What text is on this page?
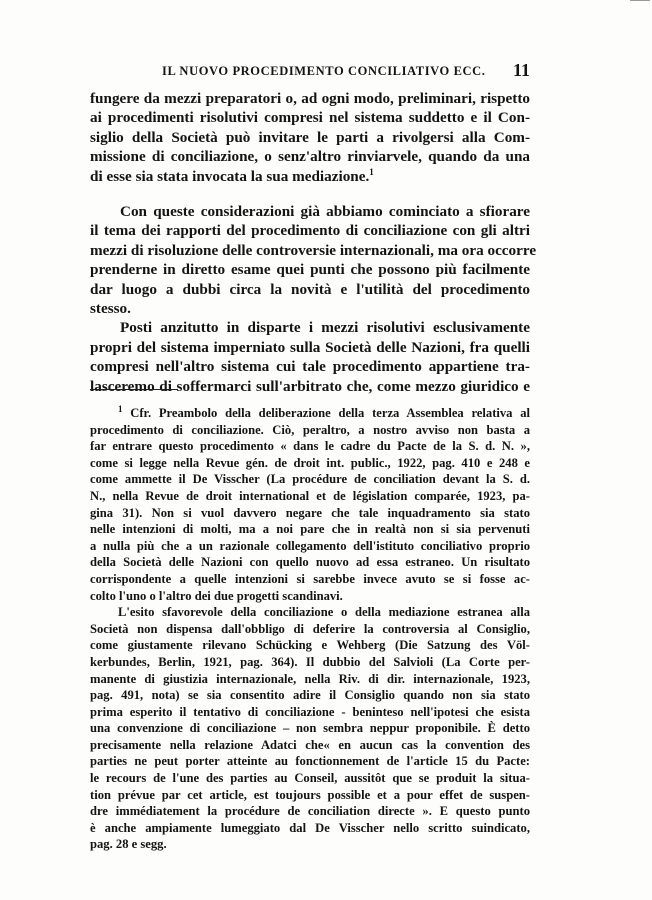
IL NUOVO PROCEDIMENTO CONCILIATIVO ECC. 11

fungere da mezzi preparatori o, ad ogni modo, preliminari, rispetto
ai procedimenti risolutivi compresi nel sistema suddetto e il Con-
siglio della Società può invitare le parti a rivolgersi alla Com-
missione di conciliazione, o senz'altro rinviarvele, quando da una
di esse sia stata invocata la sua mediazione.$^1$

Con queste considerazioni già abbiamo cominciato a sfiorare
il tema dei rapporti del procedimento di conciliazione con gli altri
mezzi di risoluzione delle controversie internazionali, ma ora occorre
prenderne in diretto esame quei punti che possono più facilmente
dar luogo a dubbi circa la novità e l'utilità del procedimento
stesso.

Posti anzitutto in disparte i mezzi risolutivi esclusivamente
propri del sistema imperniato sulla Società delle Nazioni, fra quelli
compresi nell'altro sistema cui tale procedimento appartiene tra-
lasceremo di soffermarci sull'arbitrato che, come mezzo giuridico e

$^1$ Cfr. Preambolo della deliberazione della terza Assemblea relativa al
procedimento di conciliazione. Ciò, peraltro, a nostro avviso non basta a
far entrare questo procedimento « dans le cadre du Pacte de la S. d. N. »,
come si legge nella Revue gén. de droit int. public., 1922, pag. 410 e 248 e
come ammette il De Visscher (La procédure de conciliation devant la S. d.
N., nella Revue de droit international et de législation comparée, 1923, pa-
gina 31). Non si vuol davvero negare che tale inquadramento sia stato
nelle intenzioni di molti, ma a noi pare che in realtà non si sia pervenuti
a nulla più che a un razionale collegamento dell'istituto conciliativo proprio
della Società delle Nazioni con quello nuovo ad essa estraneo. Un risultato
corrispondente a quelle intenzioni si sarebbe invece avuto se si fosse ac-
colto l'uno o l'altro dei due progetti scandinavi.
L'esito sfavorevole della conciliazione o della mediazione estranea alla
Società non dispensa dall'obbligo di deferire la controversia al Consiglio,
come giustamente rilevano Schücking e Wehberg (Die Satzung des Völ-
kerbundes, Berlin, 1921, pag. 364). Il dubbio del Salvioli (La Corte per-
manente di giustizia internazionale, nella Riv. di dir. internazionale, 1923,
pag. 491, nota) se sia consentito adire il Consiglio quando non sia stato
prima esperito il tentativo di conciliazione - beninteso nell'ipotesi che esista
una convenzione di conciliazione – non sembra neppur proponibile. È detto
precisamente nella relazione Adatci che« en aucun cas la convention des
parties ne peut porter atteinte au fonctionnement de l'article 15 du Pacte:
le recours de l'une des parties au Conseil, aussitôt que se produit la situa-
tion prévue par cet article, est toujours possible et a pour effet de suspen-
dre immédiatement la procédure de conciliation directe ». E questo punto
è anche ampiamente lumeggiato dal De Visscher nello scritto suindicato,
pag. 28 e segg.
